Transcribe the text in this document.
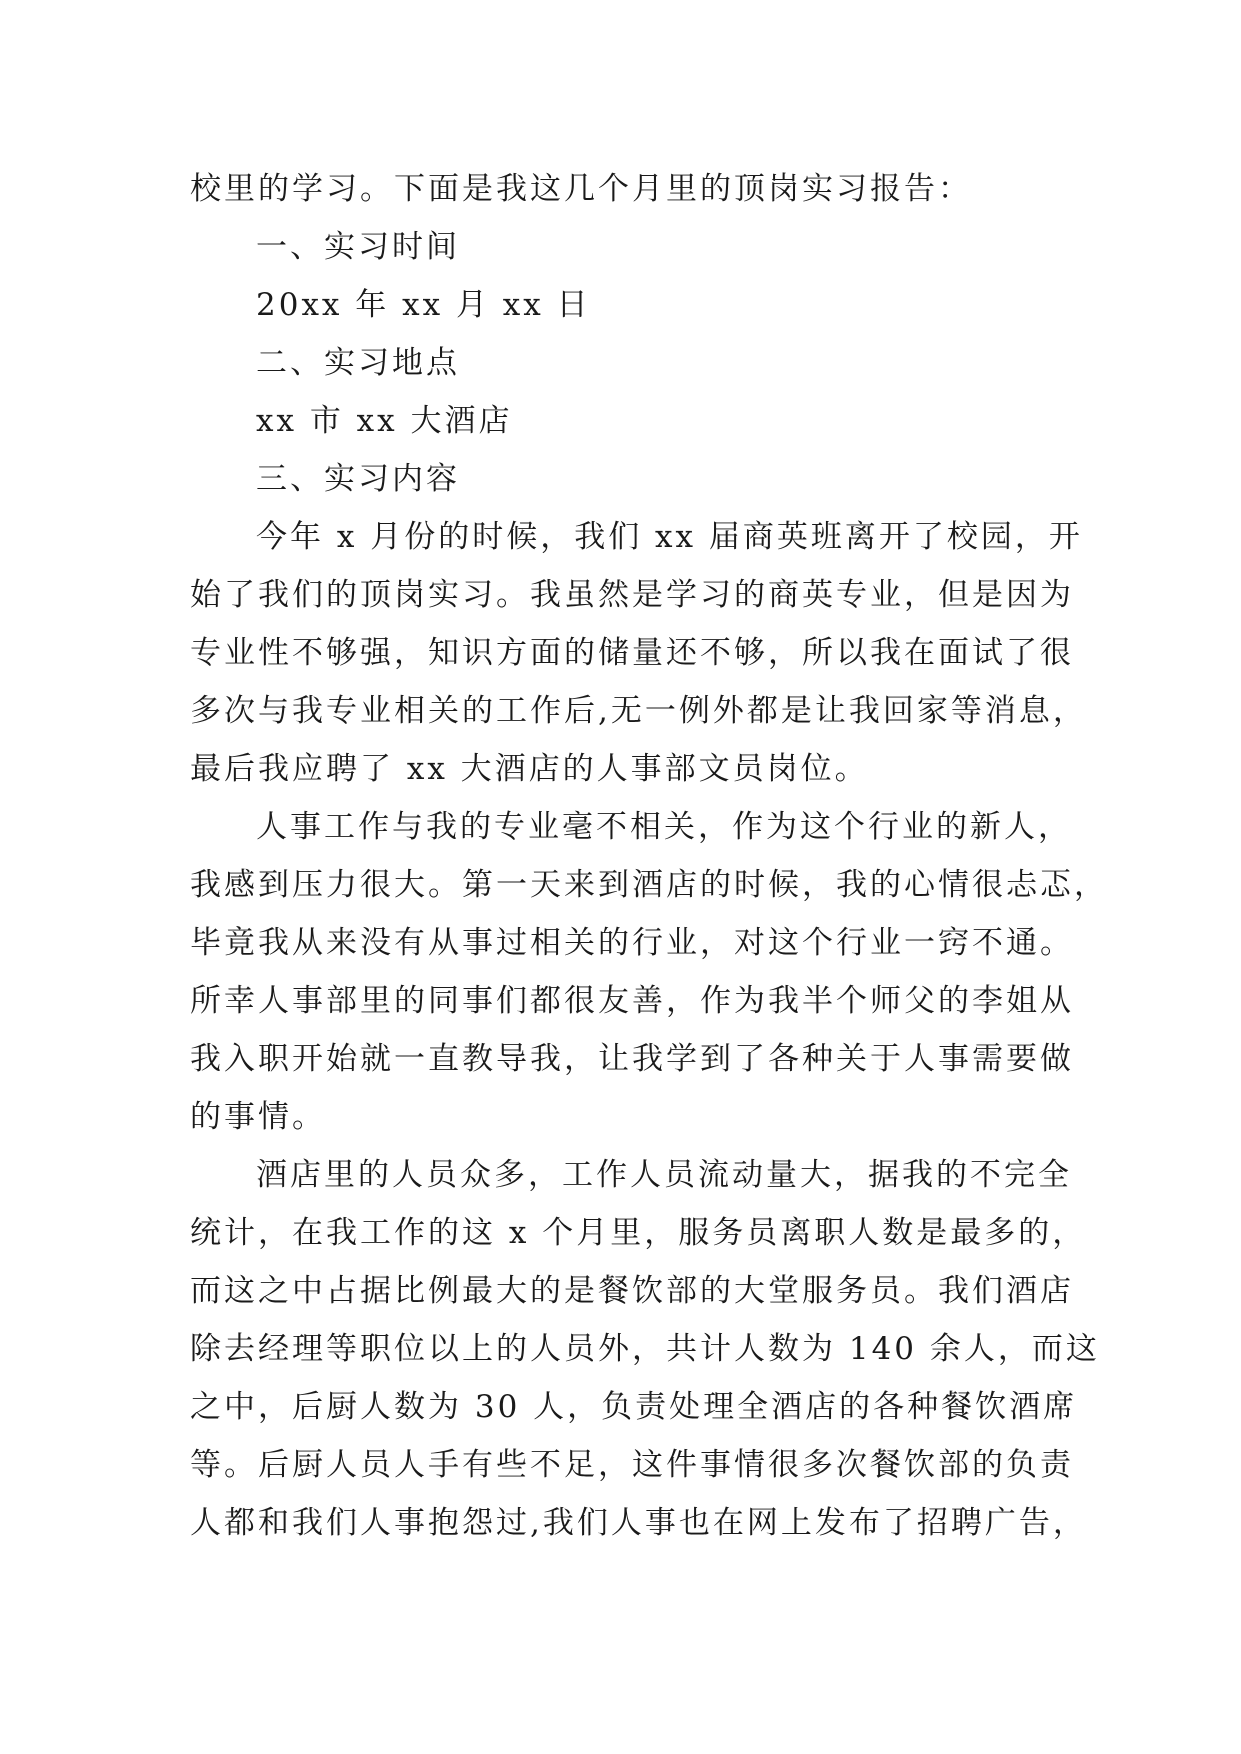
校里的学习。下面是我这几个月里的顶岗实习报告：
一、实习时间
20xx 年 xx 月 xx 日
二、实习地点
xx 市 xx 大酒店
三、实习内容
今年 x 月份的时候，我们 xx 届商英班离开了校园，开
始了我们的顶岗实习。我虽然是学习的商英专业，但是因为
专业性不够强，知识方面的储量还不够，所以我在面试了很
多次与我专业相关的工作后,无一例外都是让我回家等消息，
最后我应聘了 xx 大酒店的人事部文员岗位。
人事工作与我的专业毫不相关，作为这个行业的新人，
我感到压力很大。第一天来到酒店的时候，我的心情很忐忑，
毕竟我从来没有从事过相关的行业，对这个行业一窍不通。
所幸人事部里的同事们都很友善，作为我半个师父的李姐从
我入职开始就一直教导我，让我学到了各种关于人事需要做
的事情。
酒店里的人员众多，工作人员流动量大，据我的不完全
统计，在我工作的这 x 个月里，服务员离职人数是最多的，
而这之中占据比例最大的是餐饮部的大堂服务员。我们酒店
除去经理等职位以上的人员外，共计人数为 140 余人，而这
之中，后厨人数为 30 人，负责处理全酒店的各种餐饮酒席
等。后厨人员人手有些不足，这件事情很多次餐饮部的负责
人都和我们人事抱怨过,我们人事也在网上发布了招聘广告，
